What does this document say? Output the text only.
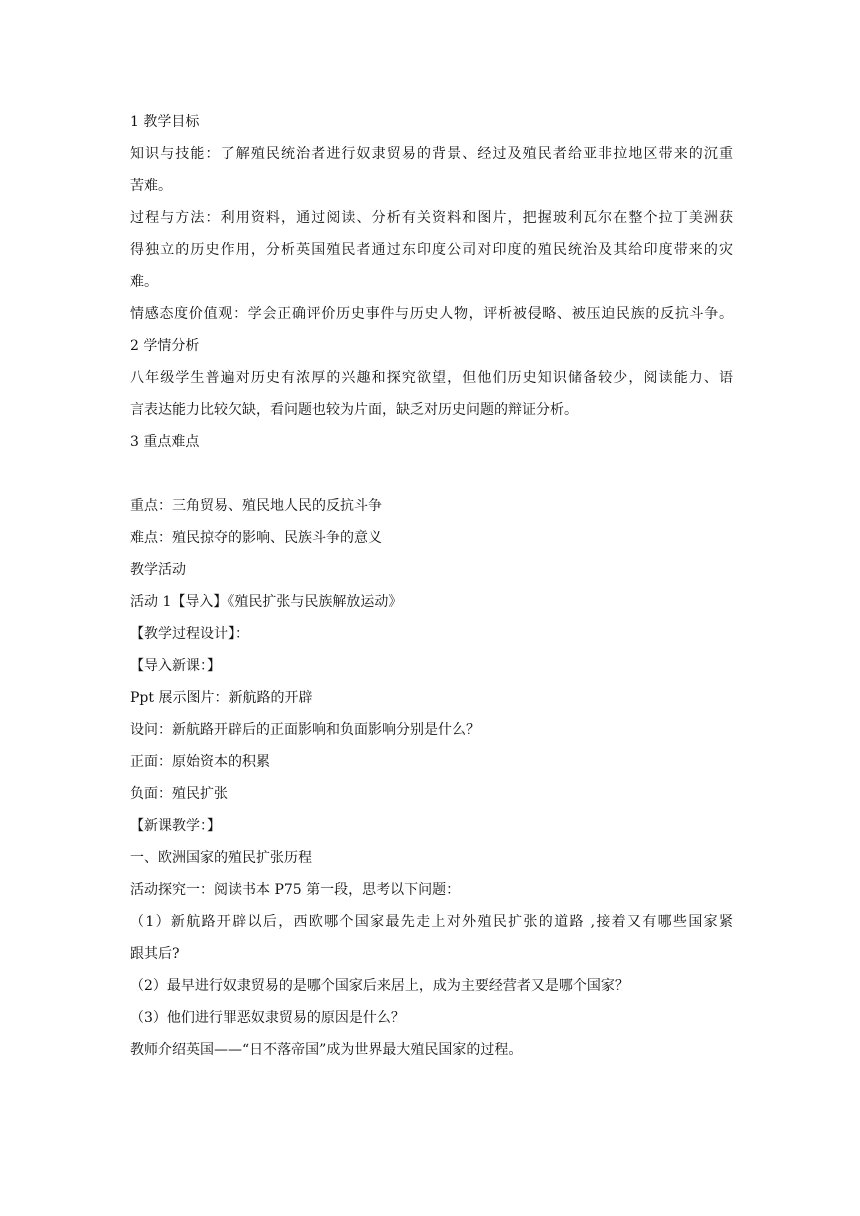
1 教学目标
知识与技能：了解殖民统治者进行奴隶贸易的背景、经过及殖民者给亚非拉地区带来的沉重
苦难。
过程与方法：利用资料，通过阅读、分析有关资料和图片，把握玻利瓦尔在整个拉丁美洲获
得独立的历史作用，分析英国殖民者通过东印度公司对印度的殖民统治及其给印度带来的灾
难。
情感态度价值观：学会正确评价历史事件与历史人物，评析被侵略、被压迫民族的反抗斗争。
2 学情分析
八年级学生普遍对历史有浓厚的兴趣和探究欲望，但他们历史知识储备较少，阅读能力、语
言表达能力比较欠缺，看问题也较为片面，缺乏对历史问题的辩证分析。
3 重点难点
重点：三角贸易、殖民地人民的反抗斗争
难点：殖民掠夺的影响、民族斗争的意义
教学活动
活动 1【导入】《殖民扩张与民族解放运动》
【教学过程设计】：
【导入新课：】
Ppt 展示图片：新航路的开辟
设问：新航路开辟后的正面影响和负面影响分别是什么？
正面：原始资本的积累
负面：殖民扩张
【新课教学：】
一、欧洲国家的殖民扩张历程
活动探究一：阅读书本 P75 第一段，思考以下问题：
（1）新航路开辟以后，西欧哪个国家最先走上对外殖民扩张的道路 ,接着又有哪些国家紧
跟其后?
（2）最早进行奴隶贸易的是哪个国家后来居上，成为主要经营者又是哪个国家？
（3）他们进行罪恶奴隶贸易的原因是什么？
教师介绍英国——“日不落帝国”成为世界最大殖民国家的过程。
